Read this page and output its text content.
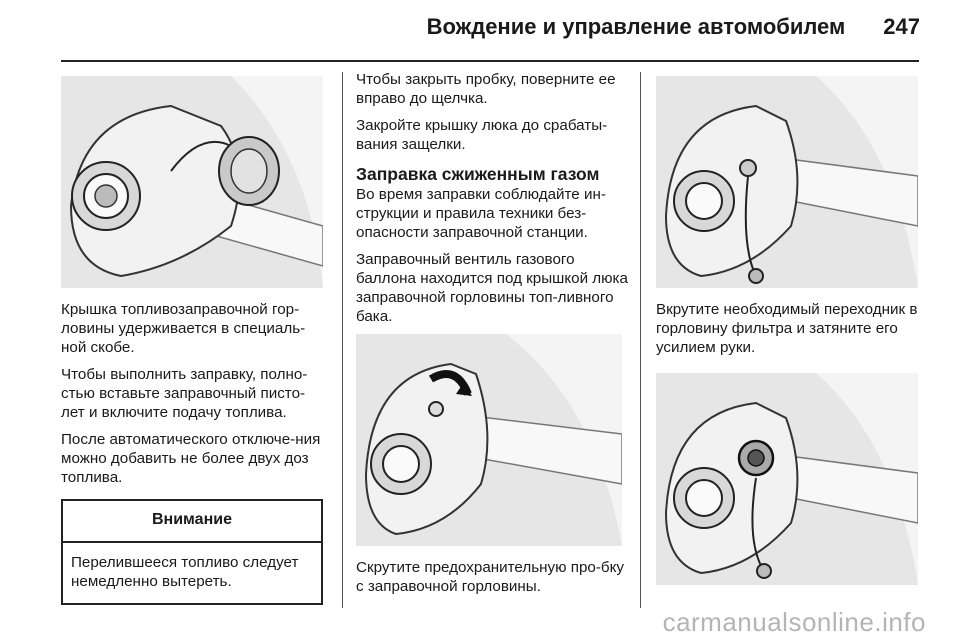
Вождение и управление автомобилем 247

Крышка топливозаправочной гор-ловины удерживается в специаль-ной скобе.

Чтобы выполнить заправку, полно-стью вставьте заправочный писто-лет и включите подачу топлива.

После автоматического отключе-ния можно добавить не более двух доз топлива.

Внимание
Перелившееся топливо следует немедленно вытереть.

Чтобы закрыть пробку, поверните ее вправо до щелчка.

Закройте крышку люка до срабаты-вания защелки.

Заправка сжиженным газом

Во время заправки соблюдайте ин-струкции и правила техники без-опасности заправочной станции.

Заправочный вентиль газового баллона находится под крышкой люка заправочной горловины топ-ливного бака.

Скрутите предохранительную про-бку с заправочной горловины.

Вкрутите необходимый переходник в горловину фильтра и затяните его усилием руки.

carmanualsonline.info
